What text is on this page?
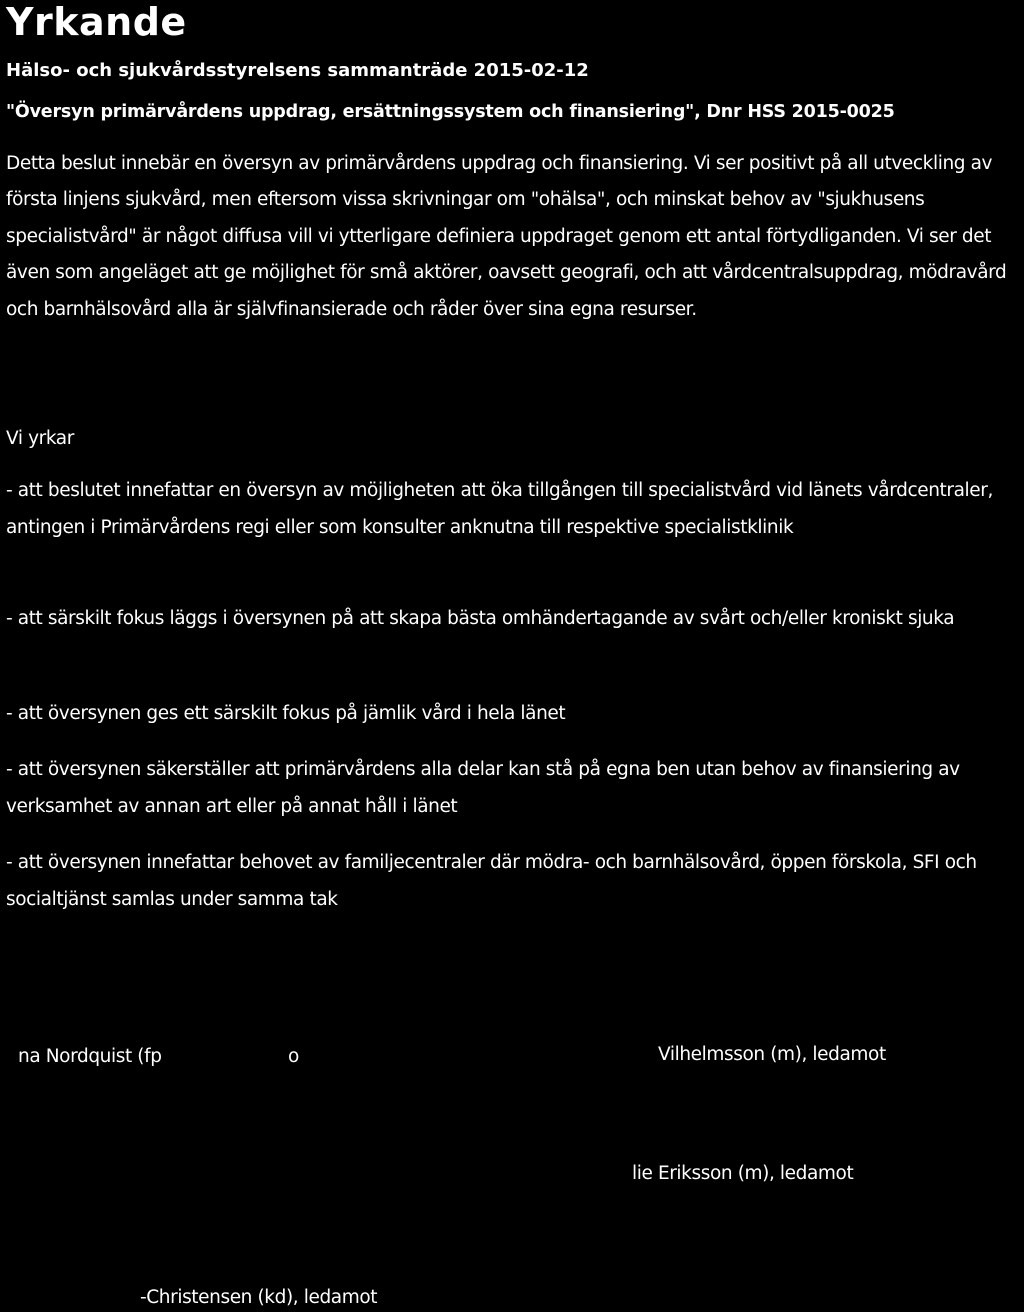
Yrkande
Hälso- och sjukvårdsstyrelsens sammanträde 2015-02-12
"Översyn primärvårdens uppdrag, ersättningssystem och finansiering", Dnr HSS 2015-0025

Detta beslut innebär en översyn av primärvårdens uppdrag och finansiering. Vi ser positivt på all utveckling av första linjens sjukvård, men eftersom vissa skrivningar om "ohälsa", och minskat behov av "sjukhusens specialistvård" är något diffusa vill vi ytterligare definiera uppdraget genom ett antal förtydliganden. Vi ser det även som angeläget att ge möjlighet för små aktörer, oavsett geografi, och att vårdcentralsuppdrag, mödravård och barnhälsovård alla är självfinansierade och råder över sina egna resurser.

Vi yrkar

- att beslutet innefattar en översyn av möjligheten att öka tillgången till specialistvård vid länets vårdcentraler, antingen i Primärvårdens regi eller som konsulter anknutna till respektive specialistklinik

- att särskilt fokus läggs i översynen på att skapa bästa omhändertagande av svårt och/eller kroniskt sjuka

- att översynen ges ett särskilt fokus på jämlik vård i hela länet

- att översynen säkerställer att primärvårdens alla delar kan stå på egna ben utan behov av finansiering av verksamhet av annan art eller på annat håll i länet

- att översynen innefattar behovet av familjecentraler där mödra- och barnhälsovård, öppen förskola, SFI och socialtjänst samlas under samma tak

na Nordquist (fp	o	Vilhelmsson (m), ledamot
lie Eriksson (m), ledamot
-Christensen (kd), ledamot
